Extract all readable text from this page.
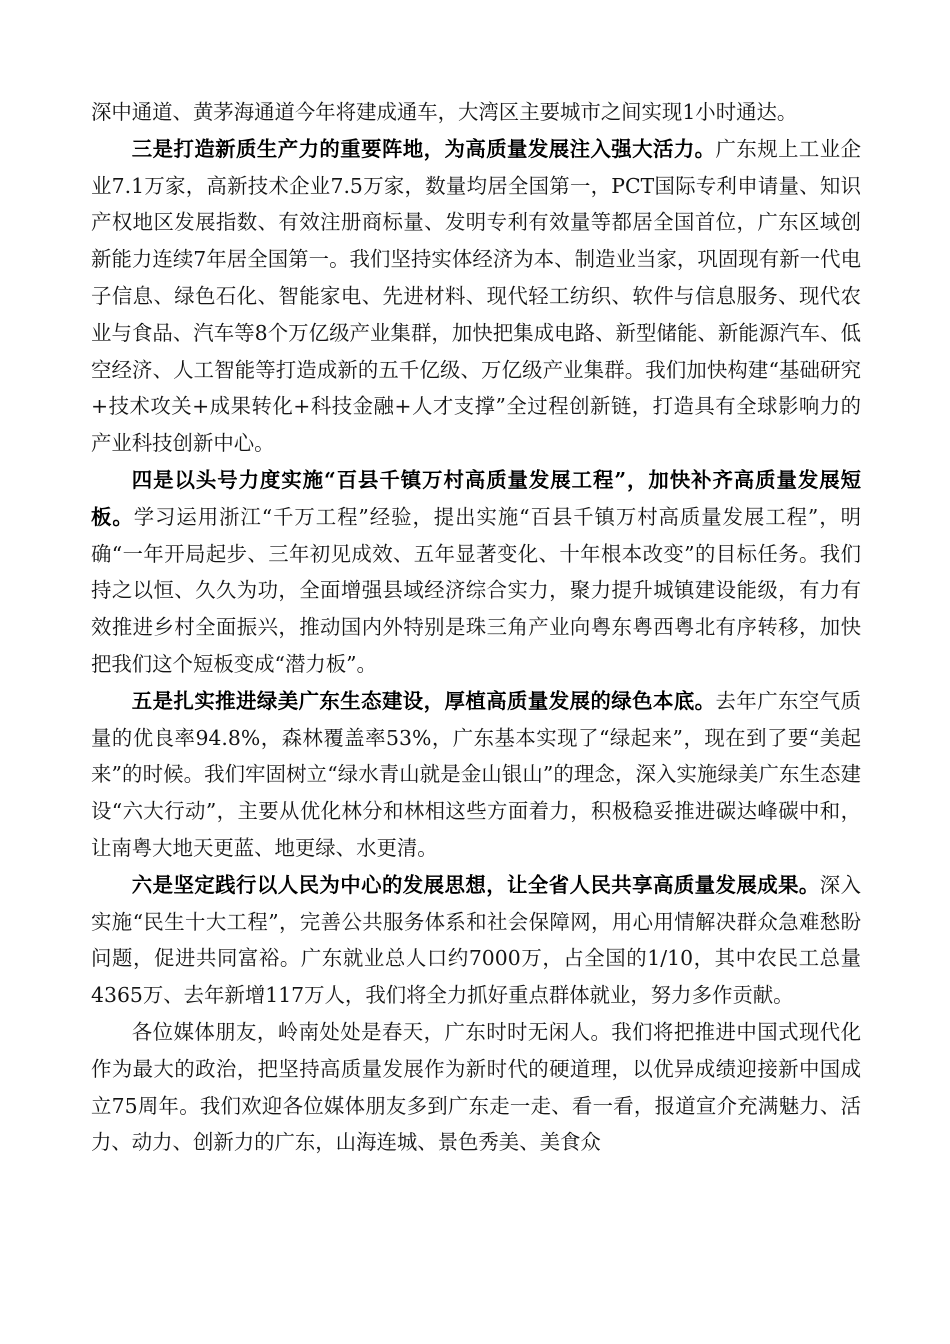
深中通道、黄茅海通道今年将建成通车，大湾区主要城市之间实现1小时通达。

三是打造新质生产力的重要阵地，为高质量发展注入强大活力。广东规上工业企业7.1万家，高新技术企业7.5万家，数量均居全国第一，PCT国际专利申请量、知识产权地区发展指数、有效注册商标量、发明专利有效量等都居全国首位，广东区域创新能力连续7年居全国第一。我们坚持实体经济为本、制造业当家，巩固现有新一代电子信息、绿色石化、智能家电、先进材料、现代轻工纺织、软件与信息服务、现代农业与食品、汽车等8个万亿级产业集群，加快把集成电路、新型储能、新能源汽车、低空经济、人工智能等打造成新的五千亿级、万亿级产业集群。我们加快构建“基础研究+技术攻关+成果转化+科技金融+人才支撑”全过程创新链，打造具有全球影响力的产业科技创新中心。

四是以头号力度实施“百县千镇万村高质量发展工程”，加快补齐高质量发展短板。学习运用浙江“千万工程”经验，提出实施“百县千镇万村高质量发展工程”，明确“一年开局起步、三年初见成效、五年显著变化、十年根本改变”的目标任务。我们持之以恒、久久为功，全面增强县域经济综合实力，聚力提升城镇建设能级，有力有效推进乡村全面振兴，推动国内外特别是珠三角产业向粤东粤西粤北有序转移，加快把我们这个短板变成“潜力板”。

五是扎实推进绿美广东生态建设，厚植高质量发展的绿色本底。去年广东空气质量的优良率94.8%，森林覆盖率53%，广东基本实现了“绿起来”，现在到了要“美起来”的时候。我们牢固树立“绿水青山就是金山银山”的理念，深入实施绿美广东生态建设“六大行动”，主要从优化林分和林相这些方面着力，积极稳妥推进碳达峰碳中和，让南粤大地天更蓝、地更绿、水更清。

六是坚定践行以人民为中心的发展思想，让全省人民共享高质量发展成果。深入实施“民生十大工程”，完善公共服务体系和社会保障网，用心用情解决群众急难愁盼问题，促进共同富裕。广东就业总人口约7000万，占全国的1/10，其中农民工总量4365万、去年新增117万人，我们将全力抓好重点群体就业，努力多作贡献。

各位媒体朋友，岭南处处是春天，广东时时无闲人。我们将把推进中国式现代化作为最大的政治，把坚持高质量发展作为新时代的硬道理，以优异成绩迎接新中国成立75周年。我们欢迎各位媒体朋友多到广东走一走、看一看，报道宣介充满魅力、活力、动力、创新力的广东，山海连城、景色秀美、美食众
